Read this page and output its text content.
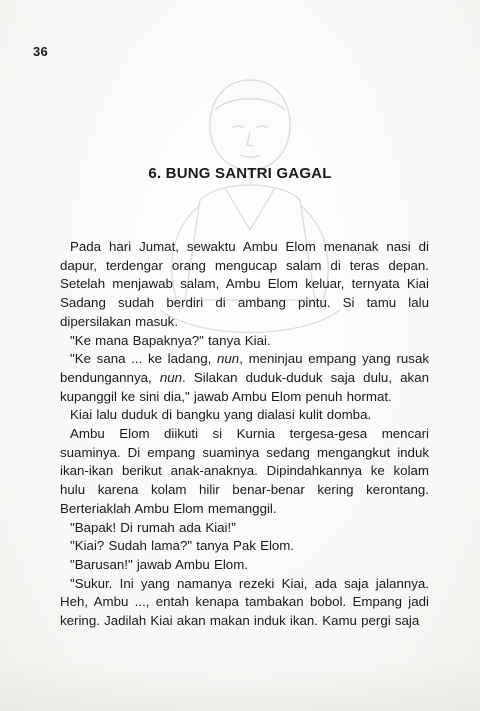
36
6. BUNG SANTRI GAGAL

Pada hari Jumat, sewaktu Ambu Elom menanak nasi di dapur, terdengar orang mengucap salam di teras depan. Setelah menjawab salam, Ambu Elom keluar, ternyata Kiai Sadang sudah berdiri di ambang pintu. Si tamu lalu dipersilakan masuk.

"Ke mana Bapaknya?" tanya Kiai.

"Ke sana ... ke ladang, nun, meninjau empang yang rusak bendungannya, nun. Silakan duduk-duduk saja dulu, akan kupanggil ke sini dia," jawab Ambu Elom penuh hormat.

Kiai lalu duduk di bangku yang dialasi kulit domba.

Ambu Elom diikuti si Kurnia tergesa-gesa mencari suaminya. Di empang suaminya sedang mengangkut induk ikan-ikan berikut anak-anaknya. Dipindahkannya ke kolam hulu karena kolam hilir benar-benar kering kerontang. Berteriaklah Ambu Elom memanggil.

"Bapak! Di rumah ada Kiai!"

"Kiai? Sudah lama?" tanya Pak Elom.

"Barusan!" jawab Ambu Elom.

"Sukur. Ini yang namanya rezeki Kiai, ada saja jalannya. Heh, Ambu ..., entah kenapa tambakan bobol. Empang jadi kering. Jadilah Kiai akan makan induk ikan. Kamu pergi saja
